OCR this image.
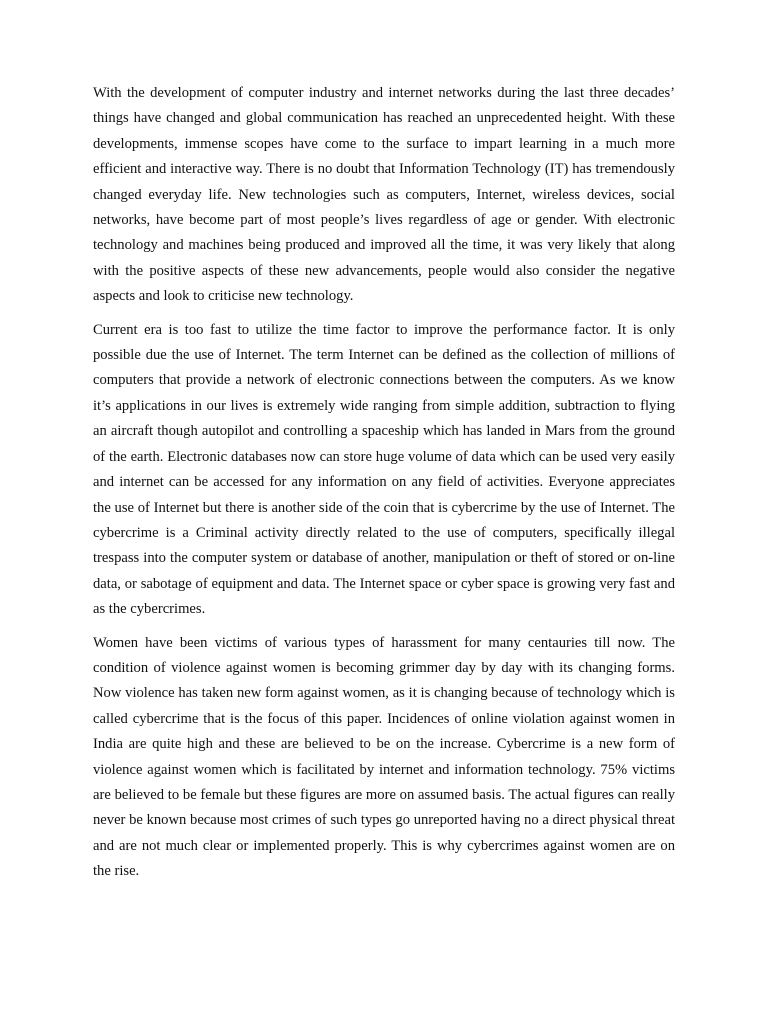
With the development of computer industry and internet networks during the last three decades’ things have changed and global communication has reached an unprecedented height. With these developments, immense scopes have come to the surface to impart learning in a much more efficient and interactive way. There is no doubt that Information Technology (IT) has tremendously changed everyday life. New technologies such as computers, Internet, wireless devices, social networks, have become part of most people’s lives regardless of age or gender. With electronic technology and machines being produced and improved all the time, it was very likely that along with the positive aspects of these new advancements, people would also consider the negative aspects and look to criticise new technology.

Current era is too fast to utilize the time factor to improve the performance factor. It is only possible due the use of Internet. The term Internet can be defined as the collection of millions of computers that provide a network of electronic connections between the computers. As we know it’s applications in our lives is extremely wide ranging from simple addition, subtraction to flying an aircraft though autopilot and controlling a spaceship which has landed in Mars from the ground of the earth. Electronic databases now can store huge volume of data which can be used very easily and internet can be accessed for any information on any field of activities. Everyone appreciates the use of Internet but there is another side of the coin that is cybercrime by the use of Internet. The cybercrime is a Criminal activity directly related to the use of computers, specifically illegal trespass into the computer system or database of another, manipulation or theft of stored or on-line data, or sabotage of equipment and data. The Internet space or cyber space is growing very fast and as the cybercrimes.

Women have been victims of various types of harassment for many centauries till now. The condition of violence against women is becoming grimmer day by day with its changing forms. Now violence has taken new form against women, as it is changing because of technology which is called cybercrime that is the focus of this paper. Incidences of online violation against women in India are quite high and these are believed to be on the increase. Cybercrime is a new form of violence against women which is facilitated by internet and information technology. 75% victims are believed to be female but these figures are more on assumed basis. The actual figures can really never be known because most crimes of such types go unreported having no a direct physical threat and are not much clear or implemented properly. This is why cybercrimes against women are on the rise.
